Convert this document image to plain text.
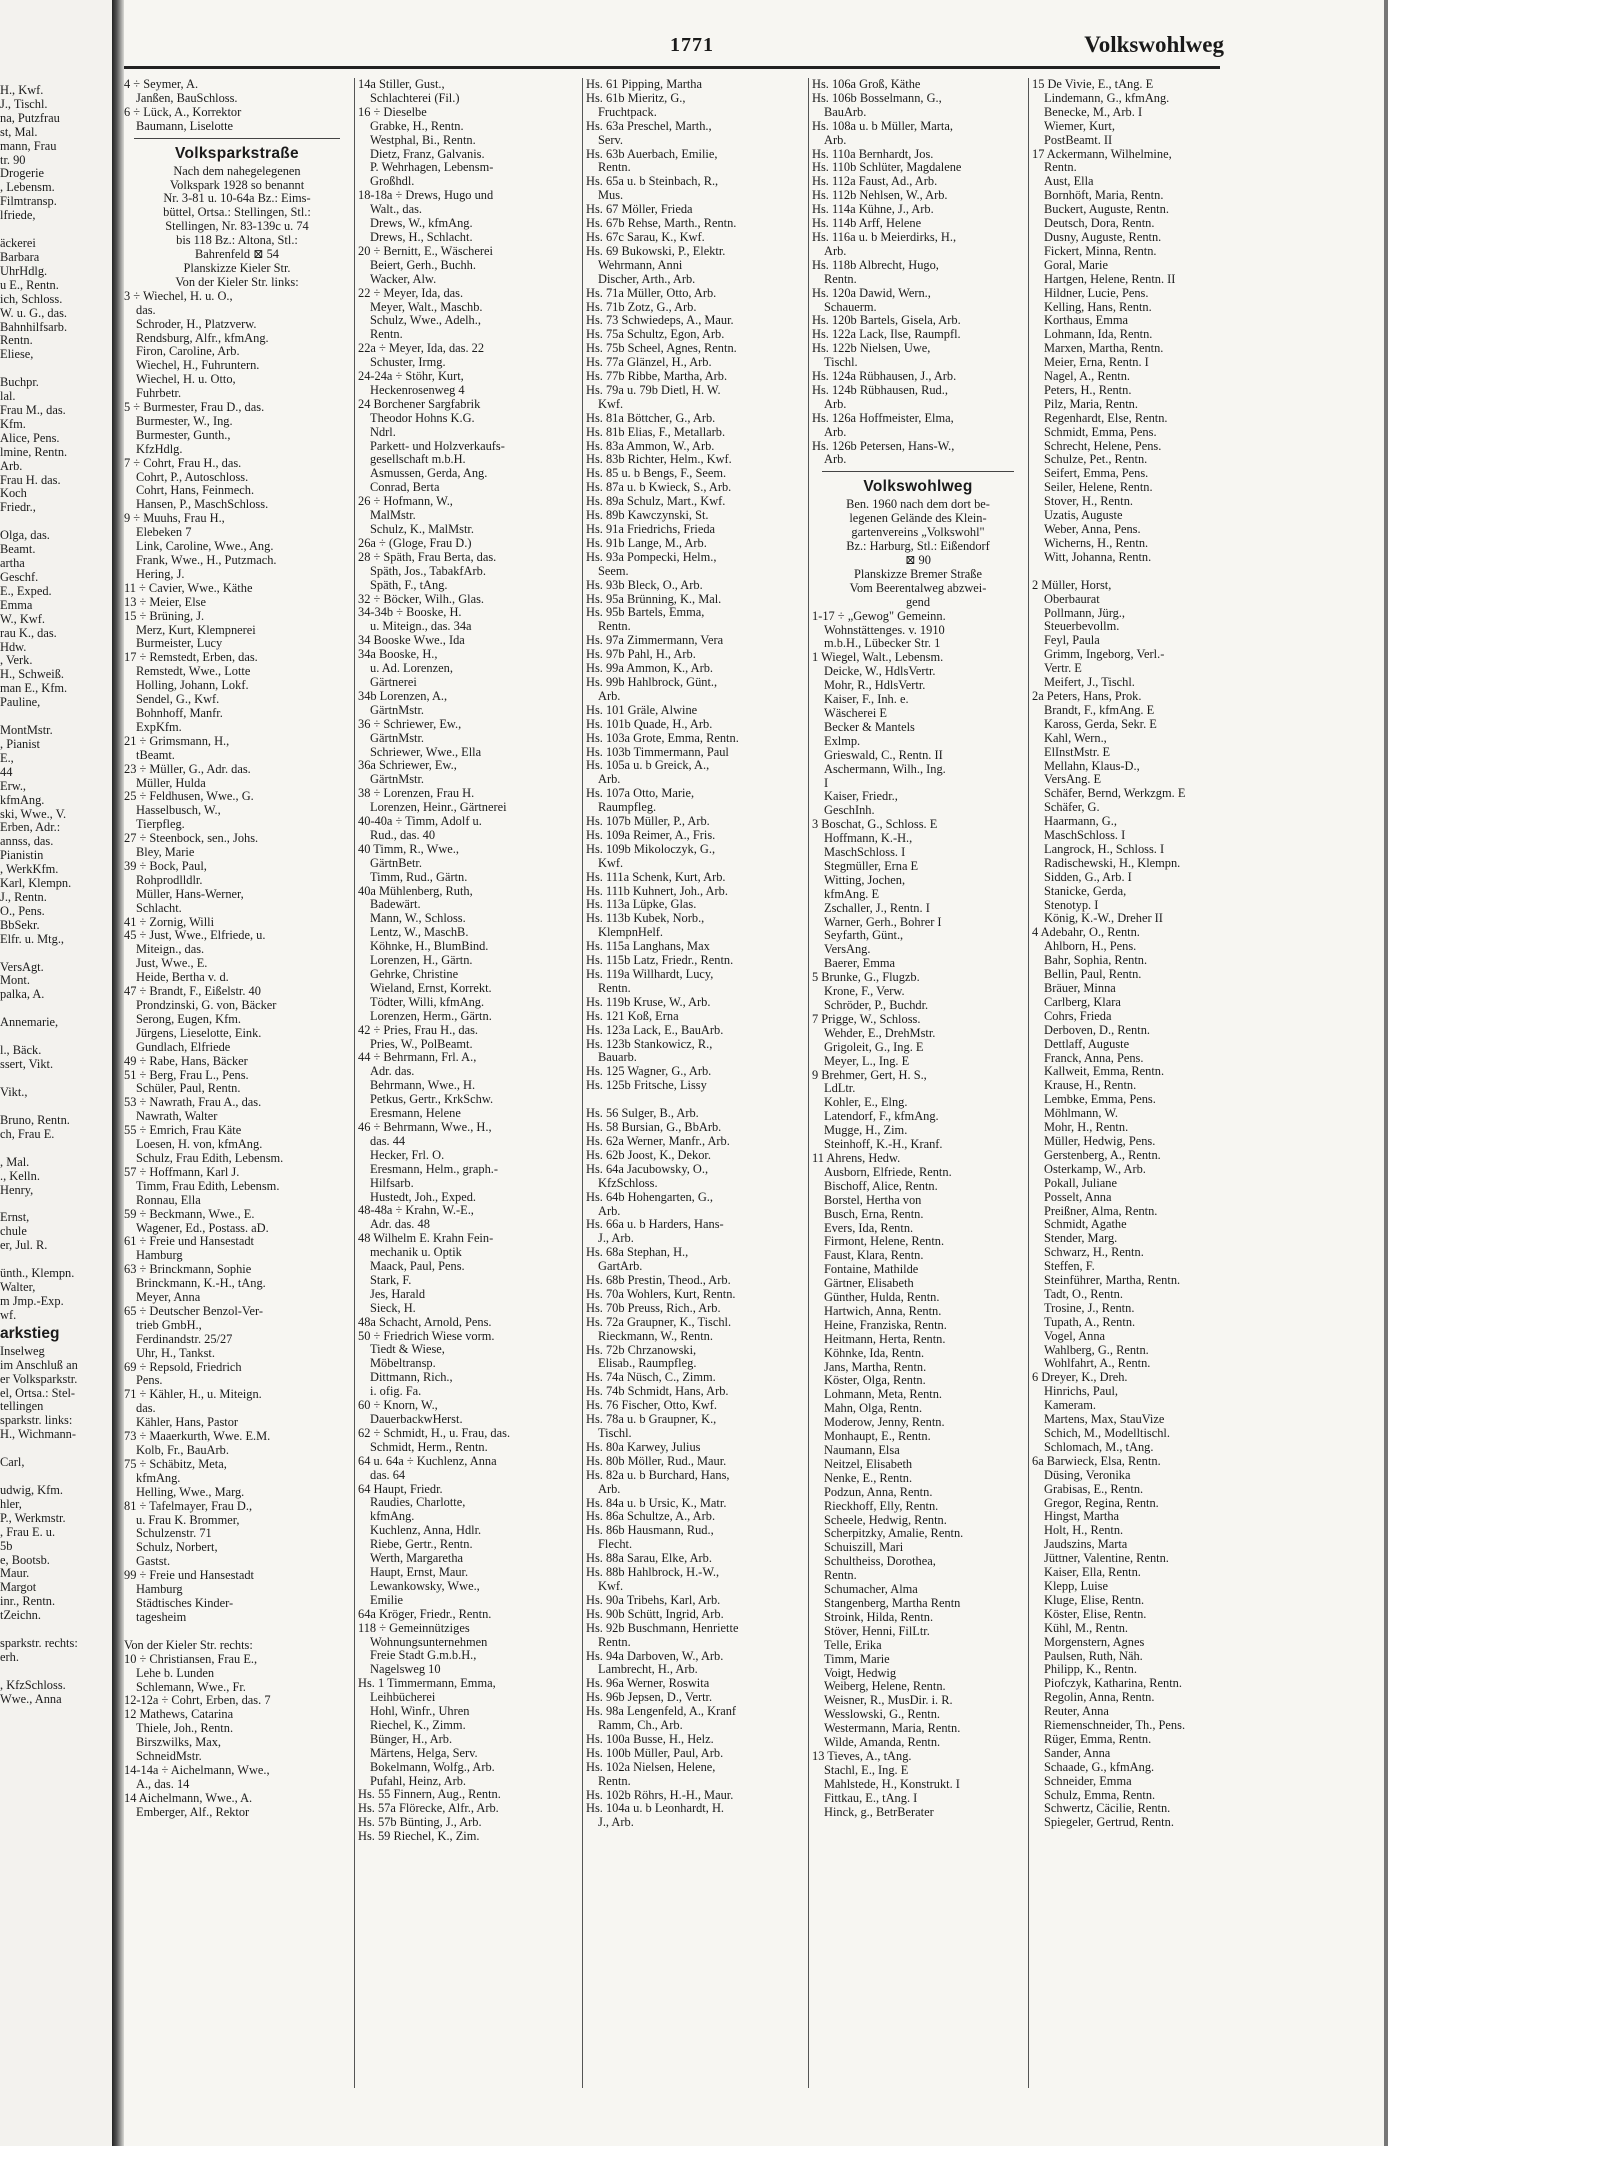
H., Kwf.
J., Tischl.
na, Putzfrau
st, Mal.
mann, Frau
tr. 90
Drogerie
, Lebensm.
Filmtransp.
lfriede,
äckerei
Barbara
UhrHdlg.
u E., Rentn.
ich, Schloss.
W. u. G., das.
Bahnhilfsarb.
Rentn.
Eliese,
Buchpr.
lal.
Frau M., das.
Kfm.
Alice, Pens.
lmine, Rentn.
Arb.
Frau H. das.
Koch
Friedr.,
Olga, das.
Beamt.
artha
Geschf.
E., Exped.
Emma
W., Kwf.
rau K., das.
Hdw.
, Verk.
H., Schweiß.
man E., Kfm.
Pauline,
MontMstr.
, Pianist
E.,
44
Erw.,
kfmAng.
ski, Wwe., V.
Erben, Adr.:
annss, das.
Pianistin
, WerkKfm.
Karl, Klempn.
J., Rentn.
O., Pens.
BbSekr.
Elfr. u. Mtg.,
VersAgt.
Mont.
palka, A.
Annemarie,
l., Bäck.
ssert, Vikt.
Vikt.,
Bruno, Rentn.
ch, Frau E.
, Mal.
., Kelln.
Henry,
Ernst,
chule
er, Jul. R.
ünth., Klempn.
Walter,
m Jmp.-Exp.
wf.
arkstieg
Inselweg
im Anschluß an
er Volksparkstr.
el, Ortsa.: Stel-
tellingen
sparkstr. links:
H., Wichmann-
Carl,
udwig, Kfm.
hler,
P., Werkmstr.
, Frau E. u.
5b
e, Bootsb.
Maur.
Margot
inr., Rentn.
tZeichn.
sparkstr. rechts:
erh.
, KfzSchloss.
Wwe., Anna
1771	Volkswohlweg
4 ÷ Seymer, A.
Janßen, BauSchloss.
6 ÷ Lück, A., Korrektor
Baumann, Liselotte
Volksparkstraße
Nach dem nahegelegenen
Volkspark 1928 so benannt
Nr. 3-81 u. 10-64a Bz.: Eims-
büttel, Ortsa.: Stellingen, Stl.:
Stellingen, Nr. 83-139c u. 74
bis 118 Bz.: Altona, Stl.:
Bahrenfeld ⊠ 54
Planskizze Kieler Str.
Von der Kieler Str. links:
3 ÷ Wiechel, H. u. O.,
das.
Schroder, H., Platzverw.
Rendsburg, Alfr., kfmAng.
Firon, Caroline, Arb.
Wiechel, H., Fuhruntern.
Wiechel, H. u. Otto,
Fuhrbetr.
5 ÷ Burmester, Frau D., das.
Burmester, W., Ing.
Burmester, Gunth.,
KfzHdlg.
7 ÷ Cohrt, Frau H., das.
Cohrt, P., Autoschloss.
Cohrt, Hans, Feinmech.
Hansen, P., MaschSchloss.
9 ÷ Muuhs, Frau H.,
Elebeken 7
Link, Caroline, Wwe., Ang.
Frank, Wwe., H., Putzmach.
Hering, J.
11 ÷ Cavier, Wwe., Käthe
13 ÷ Meier, Else
15 ÷ Brüning, J.
Merz, Kurt, Klempnerei
Burmeister, Lucy
17 ÷ Remstedt, Erben, das.
Remstedt, Wwe., Lotte
Holling, Johann, Lokf.
Sendel, G., Kwf.
Bohnhoff, Manfr.
ExpKfm.
21 ÷ Grimsmann, H.,
tBeamt.
23 ÷ Müller, G., Adr. das.
Müller, Hulda
25 ÷ Feldhusen, Wwe., G.
Hasselbusch, W.,
Tierpfleg.
27 ÷ Steenbock, sen., Johs.
Bley, Marie
39 ÷ Bock, Paul,
Rohprodlldlr.
Müller, Hans-Werner,
Schlacht.
41 ÷ Zornig, Willi
45 ÷ Just, Wwe., Elfriede, u.
Miteign., das.
Just, Wwe., E.
Heide, Bertha v. d.
47 ÷ Brandt, F., Eißelstr. 40
Prondzinski, G. von, Bäcker
Serong, Eugen, Kfm.
Jürgens, Lieselotte, Eink.
Gundlach, Elfriede
49 ÷ Rabe, Hans, Bäcker
51 ÷ Berg, Frau L., Pens.
Schüler, Paul, Rentn.
53 ÷ Nawrath, Frau A., das.
Nawrath, Walter
55 ÷ Emrich, Frau Käte
Loesen, H. von, kfmAng.
Schulz, Frau Edith, Lebensm.
57 ÷ Hoffmann, Karl J.
Timm, Frau Edith, Lebensm.
Ronnau, Ella
59 ÷ Beckmann, Wwe., E.
Wagener, Ed., Postass. aD.
61 ÷ Freie und Hansestadt
Hamburg
63 ÷ Brinckmann, Sophie
Brinckmann, K.-H., tAng.
Meyer, Anna
65 ÷ Deutscher Benzol-Ver-
trieb GmbH.,
Ferdinandstr. 25/27
Uhr, H., Tankst.
69 ÷ Repsold, Friedrich
Pens.
71 ÷ Kähler, H., u. Miteign.
das.
Kähler, Hans, Pastor
73 ÷ Maaerkurth, Wwe. E.M.
Kolb, Fr., BauArb.
75 ÷ Schäbitz, Meta,
kfmAng.
Helling, Wwe., Marg.
81 ÷ Tafelmayer, Frau D.,
u. Frau K. Brommer,
Schulzenstr. 71
Schulz, Norbert,
Gastst.
99 ÷ Freie und Hansestadt
Hamburg
Städtisches Kinder-
tagesheim
Von der Kieler Str. rechts:
10 ÷ Christiansen, Frau E.,
Lehe b. Lunden
Schlemann, Wwe., Fr.
12-12a ÷ Cohrt, Erben, das. 7
12 Mathews, Catarina
Thiele, Joh., Rentn.
Birszwilks, Max,
SchneidMstr.
14-14a ÷ Aichelmann, Wwe.,
A., das. 14
14 Aichelmann, Wwe., A.
Emberger, Alf., Rektor
14a Stiller, Gust.,
Schlachterei (Fil.)
16 ÷ Dieselbe
Grabke, H., Rentn.
Westphal, Bi., Rentn.
Dietz, Franz, Galvanis.
P. Wehrhagen, Lebensm-
Großhdl.
18-18a ÷ Drews, Hugo und
Walt., das.
Drews, W., kfmAng.
Drews, H., Schlacht.
20 ÷ Bernitt, E., Wäscherei
Beiert, Gerh., Buchh.
Wacker, Alw.
22 ÷ Meyer, Ida, das.
Meyer, Walt., Maschb.
Schulz, Wwe., Adelh.,
Rentn.
22a ÷ Meyer, Ida, das. 22
Schuster, Irmg.
24-24a ÷ Stöhr, Kurt,
Heckenrosenweg 4
24 Borchener Sargfabrik
Theodor Hohns K.G.
Ndrl.
Parkett- und Holzverkaufs-
gesellschaft m.b.H.
Asmussen, Gerda, Ang.
Conrad, Berta
26 ÷ Hofmann, W.,
MalMstr.
Schulz, K., MalMstr.
26a ÷ (Gloge, Frau D.)
28 ÷ Späth, Frau Berta, das.
Späth, Jos., TabakfArb.
Späth, F., tAng.
32 ÷ Böcker, Wilh., Glas.
34-34b ÷ Booske, H.
u. Miteign., das. 34a
34 Booske Wwe., Ida
34a Booske, H.,
u. Ad. Lorenzen,
Gärtnerei
34b Lorenzen, A.,
GärtnMstr.
36 ÷ Schriewer, Ew.,
GärtnMstr.
Schriewer, Wwe., Ella
36a Schriewer, Ew.,
GärtnMstr.
38 ÷ Lorenzen, Frau H.
Lorenzen, Heinr., Gärtnerei
40-40a ÷ Timm, Adolf u.
Rud., das. 40
40 Timm, R., Wwe.,
GärtnBetr.
Timm, Rud., Gärtn.
40a Mühlenberg, Ruth,
Badewärt.
Mann, W., Schloss.
Lentz, W., MaschB.
Köhnke, H., BlumBind.
Lorenzen, H., Gärtn.
Gehrke, Christine
Wieland, Ernst, Korrekt.
Tödter, Willi, kfmAng.
Lorenzen, Herm., Gärtn.
42 ÷ Pries, Frau H., das.
Pries, W., PolBeamt.
44 ÷ Behrmann, Frl. A.,
Adr. das.
Behrmann, Wwe., H.
Petkus, Gertr., KrkSchw.
Eresmann, Helene
46 ÷ Behrmann, Wwe., H.,
das. 44
Hecker, Frl. O.
Eresmann, Helm., graph.-
Hilfsarb.
Hustedt, Joh., Exped.
48-48a ÷ Krahn, W.-E.,
Adr. das. 48
48 Wilhelm E. Krahn Fein-
mechanik u. Optik
Maack, Paul, Pens.
Stark, F.
Jes, Harald
Sieck, H.
48a Schacht, Arnold, Pens.
50 ÷ Friedrich Wiese vorm.
Tiedt & Wiese,
Möbeltransp.
Dittmann, Rich.,
i. ofig. Fa.
60 ÷ Knorn, W.,
DauerbackwHerst.
62 ÷ Schmidt, H., u. Frau, das.
Schmidt, Herm., Rentn.
64 u. 64a ÷ Kuchlenz, Anna
das. 64
64 Haupt, Friedr.
Raudies, Charlotte,
kfmAng.
Kuchlenz, Anna, Hdlr.
Riebe, Gertr., Rentn.
Werth, Margaretha
Haupt, Ernst, Maur.
Lewankowsky, Wwe.,
Emilie
64a Kröger, Friedr., Rentn.
118 ÷ Gemeinnütziges
Wohnungsunternehmen
Freie Stadt G.m.b.H.,
Nagelsweg 10
Hs. 1 Timmermann, Emma,
Leihbücherei
Hohl, Winfr., Uhren
Riechel, K., Zimm.
Bünger, H., Arb.
Märtens, Helga, Serv.
Bokelmann, Wolfg., Arb.
Pufahl, Heinz, Arb.
Hs. 55 Finnern, Aug., Rentn.
Hs. 57a Flörecke, Alfr., Arb.
Hs. 57b Bünting, J., Arb.
Hs. 59 Riechel, K., Zim.
Hs. 61 Pipping, Martha
Hs. 61b Mieritz, G.,
Fruchtpack.
Hs. 63a Preschel, Marth.,
Serv.
Hs. 63b Auerbach, Emilie,
Rentn.
Hs. 65a u. b Steinbach, R.,
Mus.
Hs. 67 Möller, Frieda
Hs. 67b Rehse, Marth., Rentn.
Hs. 67c Sarau, K., Kwf.
Hs. 69 Bukowski, P., Elektr.
Wehrmann, Anni
Discher, Arth., Arb.
Hs. 71a Müller, Otto, Arb.
Hs. 71b Zotz, G., Arb.
Hs. 73 Schwiedeps, A., Maur.
Hs. 75a Schultz, Egon, Arb.
Hs. 75b Scheel, Agnes, Rentn.
Hs. 77a Glänzel, H., Arb.
Hs. 77b Ribbe, Martha, Arb.
Hs. 79a u. 79b Dietl, H. W.
Kwf.
Hs. 81a Böttcher, G., Arb.
Hs. 81b Elias, F., Metallarb.
Hs. 83a Ammon, W., Arb.
Hs. 83b Richter, Helm., Kwf.
Hs. 85 u. b Bengs, F., Seem.
Hs. 87a u. b Kwieck, S., Arb.
Hs. 89a Schulz, Mart., Kwf.
Hs. 89b Kawczynski, St.
Hs. 91a Friedrichs, Frieda
Hs. 91b Lange, M., Arb.
Hs. 93a Pompecki, Helm.,
Seem.
Hs. 93b Bleck, O., Arb.
Hs. 95a Brünning, K., Mal.
Hs. 95b Bartels, Emma,
Rentn.
Hs. 97a Zimmermann, Vera
Hs. 97b Pahl, H., Arb.
Hs. 99a Ammon, K., Arb.
Hs. 99b Hahlbrock, Günt.,
Arb.
Hs. 101 Gräle, Alwine
Hs. 101b Quade, H., Arb.
Hs. 103a Grote, Emma, Rentn.
Hs. 103b Timmermann, Paul
Hs. 105a u. b Greick, A.,
Arb.
Hs. 107a Otto, Marie,
Raumpfleg.
Hs. 107b Müller, P., Arb.
Hs. 109a Reimer, A., Fris.
Hs. 109b Mikoloczyk, G.,
Kwf.
Hs. 111a Schenk, Kurt, Arb.
Hs. 111b Kuhnert, Joh., Arb.
Hs. 113a Lüpke, Glas.
Hs. 113b Kubek, Norb.,
KlempnHelf.
Hs. 115a Langhans, Max
Hs. 115b Latz, Friedr., Rentn.
Hs. 119a Willhardt, Lucy,
Rentn.
Hs. 119b Kruse, W., Arb.
Hs. 121 Koß, Erna
Hs. 123a Lack, E., BauArb.
Hs. 123b Stankowicz, R.,
Bauarb.
Hs. 125 Wagner, G., Arb.
Hs. 125b Fritsche, Lissy
Hs. 56 Sulger, B., Arb.
Hs. 58 Bursian, G., BbArb.
Hs. 62a Werner, Manfr., Arb.
Hs. 62b Joost, K., Dekor.
Hs. 64a Jacubowsky, O.,
KfzSchloss.
Hs. 64b Hohengarten, G.,
Arb.
Hs. 66a u. b Harders, Hans-
J., Arb.
Hs. 68a Stephan, H.,
GartArb.
Hs. 68b Prestin, Theod., Arb.
Hs. 70a Wohlers, Kurt, Rentn.
Hs. 70b Preuss, Rich., Arb.
Hs. 72a Graupner, K., Tischl.
Rieckmann, W., Rentn.
Hs. 72b Chrzanowski,
Elisab., Raumpfleg.
Hs. 74a Nüsch, C., Zimm.
Hs. 74b Schmidt, Hans, Arb.
Hs. 76 Fischer, Otto, Kwf.
Hs. 78a u. b Graupner, K.,
Tischl.
Hs. 80a Karwey, Julius
Hs. 80b Möller, Rud., Maur.
Hs. 82a u. b Burchard, Hans,
Arb.
Hs. 84a u. b Ursic, K., Matr.
Hs. 86a Schultze, A., Arb.
Hs. 86b Hausmann, Rud.,
Flecht.
Hs. 88a Sarau, Elke, Arb.
Hs. 88b Hahlbrock, H.-W.,
Kwf.
Hs. 90a Tribehs, Karl, Arb.
Hs. 90b Schütt, Ingrid, Arb.
Hs. 92b Buschmann, Henriette
Rentn.
Hs. 94a Darboven, W., Arb.
Lambrecht, H., Arb.
Hs. 96a Werner, Roswita
Hs. 96b Jepsen, D., Vertr.
Hs. 98a Lengenfeld, A., Kranf
Ramm, Ch., Arb.
Hs. 100a Busse, H., Helz.
Hs. 100b Müller, Paul, Arb.
Hs. 102a Nielsen, Helene,
Rentn.
Hs. 102b Röhrs, H.-H., Maur.
Hs. 104a u. b Leonhardt, H.
J., Arb.
Hs. 106a Groß, Käthe
Hs. 106b Bosselmann, G.,
BauArb.
Hs. 108a u. b Müller, Marta,
Arb.
Hs. 110a Bernhardt, Jos.
Hs. 110b Schlüter, Magdalene
Hs. 112a Faust, Ad., Arb.
Hs. 112b Nehlsen, W., Arb.
Hs. 114a Kühne, J., Arb.
Hs. 114b Arff, Helene
Hs. 116a u. b Meierdirks, H.,
Arb.
Hs. 118b Albrecht, Hugo,
Rentn.
Hs. 120a Dawid, Wern.,
Schauerm.
Hs. 120b Bartels, Gisela, Arb.
Hs. 122a Lack, Ilse, Raumpfl.
Hs. 122b Nielsen, Uwe,
Tischl.
Hs. 124a Rübhausen, J., Arb.
Hs. 124b Rübhausen, Rud.,
Arb.
Hs. 126a Hoffmeister, Elma,
Arb.
Hs. 126b Petersen, Hans-W.,
Arb.
Volkswohlweg
Ben. 1960 nach dem dort be-
legenen Gelände des Klein-
gartenvereins „Volkswohl"
Bz.: Harburg, Stl.: Eißendorf
⊠ 90
Planskizze Bremer Straße
Vom Beerentalweg abzwei-
gend
1-17 ÷ „Gewog" Gemeinn.
Wohnstättenges. v. 1910
m.b.H., Lübecker Str. 1
1 Wiegel, Walt., Lebensm.
Deicke, W., HdlsVertr.
Mohr, R., HdlsVertr.
Kaiser, F., Inh. e.
Wäscherei E
Becker & Mantels
Exlmp.
Grieswald, C., Rentn. II
Aschermann, Wilh., Ing.
I
Kaiser, Friedr.,
GeschInh.
3 Boschat, G., Schloss. E
Hoffmann, K.-H.,
MaschSchloss. I
Stegmüller, Erna E
Witting, Jochen,
kfmAng. E
Zschaller, J., Rentn. I
Warner, Gerh., Bohrer I
Seyfarth, Günt.,
VersAng.
Baerer, Emma
5 Brunke, G., Flugzb.
Krone, F., Verw.
Schröder, P., Buchdr.
7 Prigge, W., Schloss.
Wehder, E., DrehMstr.
Grigoleit, G., Ing. E
Meyer, L., Ing. E
9 Brehmer, Gert, H. S.,
LdLtr.
Kohler, E., Elng.
Latendorf, F., kfmAng.
Mugge, H., Zim.
Steinhoff, K.-H., Kranf.
11 Ahrens, Hedw.
Ausborn, Elfriede, Rentn.
Bischoff, Alice, Rentn.
Borstel, Hertha von
Busch, Erna, Rentn.
Evers, Ida, Rentn.
Firmont, Helene, Rentn.
Faust, Klara, Rentn.
Fontaine, Mathilde
Gärtner, Elisabeth
Günther, Hulda, Rentn.
Hartwich, Anna, Rentn.
Heine, Franziska, Rentn.
Heitmann, Herta, Rentn.
Köhnke, Ida, Rentn.
Jans, Martha, Rentn.
Köster, Olga, Rentn.
Lohmann, Meta, Rentn.
Mahn, Olga, Rentn.
Moderow, Jenny, Rentn.
Monhaupt, E., Rentn.
Naumann, Elsa
Neitzel, Elisabeth
Nenke, E., Rentn.
Podzun, Anna, Rentn.
Rieckhoff, Elly, Rentn.
Scheele, Hedwig, Rentn.
Scherpitzky, Amalie, Rentn.
Schuiszill, Mari
Schultheiss, Dorothea,
Rentn.
Schumacher, Alma
Stangenberg, Martha Rentn
Stroink, Hilda, Rentn.
Stöver, Henni, FilLtr.
Telle, Erika
Timm, Marie
Voigt, Hedwig
Weiberg, Helene, Rentn.
Weisner, R., MusDir. i. R.
Wesslowski, G., Rentn.
Westermann, Maria, Rentn.
Wilde, Amanda, Rentn.
13 Tieves, A., tAng.
Stachl, E., Ing. E
Mahlstede, H., Konstrukt. I
Fittkau, E., tAng. I
Hinck, g., BetrBerater
15 De Vivie, E., tAng. E
Lindemann, G., kfmAng.
Benecke, M., Arb. I
Wiemer, Kurt,
PostBeamt. II
17 Ackermann, Wilhelmine,
Rentn.
Aust, Ella
Bornhöft, Maria, Rentn.
Buckert, Auguste, Rentn.
Deutsch, Dora, Rentn.
Dusny, Auguste, Rentn.
Fickert, Minna, Rentn.
Goral, Marie
Hartgen, Helene, Rentn. II
Hildner, Lucie, Pens.
Kelling, Hans, Rentn.
Korthaus, Emma
Lohmann, Ida, Rentn.
Marxen, Martha, Rentn.
Meier, Erna, Rentn. I
Nagel, A., Rentn.
Peters, H., Rentn.
Pilz, Maria, Rentn.
Regenhardt, Else, Rentn.
Schmidt, Emma, Pens.
Schrecht, Helene, Pens.
Schulze, Pet., Rentn.
Seifert, Emma, Pens.
Seiler, Helene, Rentn.
Stover, H., Rentn.
Uzatis, Auguste
Weber, Anna, Pens.
Wicherns, H., Rentn.
Witt, Johanna, Rentn.
2 Müller, Horst,
Oberbaurat
Pollmann, Jürg.,
Steuerbevollm.
Feyl, Paula
Grimm, Ingeborg, Verl.-
Vertr. E
Meifert, J., Tischl.
2a Peters, Hans, Prok.
Brandt, F., kfmAng. E
Kaross, Gerda, Sekr. E
Kahl, Wern.,
ElInstMstr. E
Mellahn, Klaus-D.,
VersAng. E
Schäfer, Bernd, Werkzgm. E
Schäfer, G.
Haarmann, G.,
MaschSchloss. I
Langrock, H., Schloss. I
Radischewski, H., Klempn.
Sidden, G., Arb. I
Stanicke, Gerda,
Stenotyp. I
König, K.-W., Dreher II
4 Adebahr, O., Rentn.
Ahlborn, H., Pens.
Bahr, Sophia, Rentn.
Bellin, Paul, Rentn.
Bräuer, Minna
Carlberg, Klara
Cohrs, Frieda
Derboven, D., Rentn.
Dettlaff, Auguste
Franck, Anna, Pens.
Kallweit, Emma, Rentn.
Krause, H., Rentn.
Lembke, Emma, Pens.
Möhlmann, W.
Mohr, H., Rentn.
Müller, Hedwig, Pens.
Gerstenberg, A., Rentn.
Osterkamp, W., Arb.
Pokall, Juliane
Posselt, Anna
Preißner, Alma, Rentn.
Schmidt, Agathe
Stender, Marg.
Schwarz, H., Rentn.
Steffen, F.
Steinführer, Martha, Rentn.
Tadt, O., Rentn.
Trosine, J., Rentn.
Tupath, A., Rentn.
Vogel, Anna
Wahlberg, G., Rentn.
Wohlfahrt, A., Rentn.
6 Dreyer, K., Dreh.
Hinrichs, Paul,
Kameram.
Martens, Max, StauVize
Schich, M., Modelltischl.
Schlomach, M., tAng.
6a Barwieck, Elsa, Rentn.
Düsing, Veronika
Grabisas, E., Rentn.
Gregor, Regina, Rentn.
Hingst, Martha
Holt, H., Rentn.
Jaudszins, Marta
Jüttner, Valentine, Rentn.
Kaiser, Ella, Rentn.
Klepp, Luise
Kluge, Elise, Rentn.
Köster, Elise, Rentn.
Kühl, M., Rentn.
Morgenstern, Agnes
Paulsen, Ruth, Näh.
Philipp, K., Rentn.
Piofczyk, Katharina, Rentn.
Regolin, Anna, Rentn.
Reuter, Anna
Riemenschneider, Th., Pens.
Rüger, Emma, Rentn.
Sander, Anna
Schaade, G., kfmAng.
Schneider, Emma
Schulz, Emma, Rentn.
Schwertz, Cäcilie, Rentn.
Spiegeler, Gertrud, Rentn.
